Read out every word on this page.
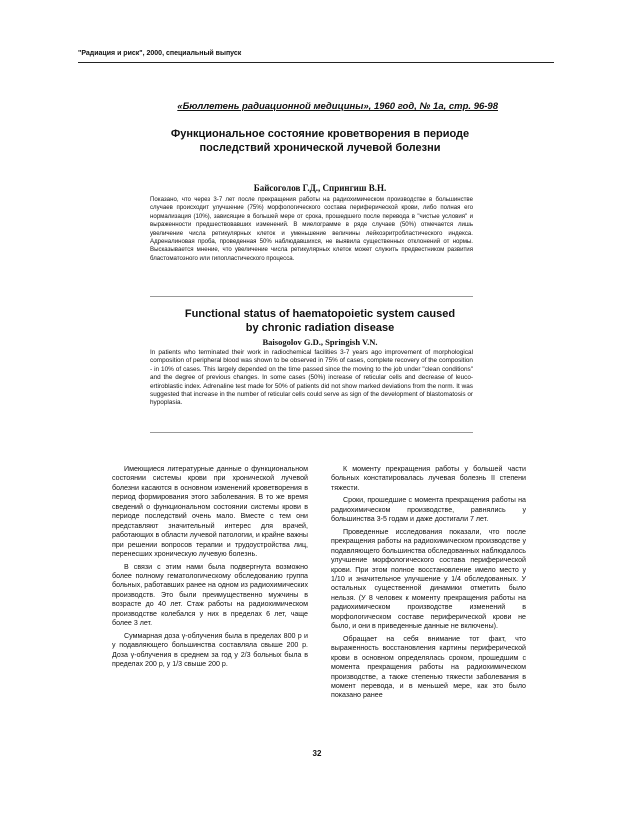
"Радиация и риск", 2000, специальный выпуск
«Бюллетень радиационной медицины», 1960 год, № 1а, стр. 96-98
Функциональное состояние кроветворения в периоде
последствий хронической лучевой болезни
Байсоголов Г.Д., Спрингиш В.Н.
Показано, что через 3-7 лет после прекращения работы на радиохимическом производстве в большинстве случаев происходит улучшение (75%) морфологического состава периферической крови, либо полная его нормализация (10%), зависящие в большей мере от срока, прошедшего после перевода в "чистые условия" и выраженности предшествовавших изменений. В миелограмме в ряде случаев (50%) отмечается лишь увеличение числа ретикулярных клеток и уменьшение величины лейкоэритробластического индекса. Адреналиновая проба, проведенная 50% наблюдавшихся, не выявила существенных отклонений от нормы. Высказывается мнение, что увеличение числа ретикулярных клеток может служить предвестником развития бластоматозного или гипопластического процесса.
Functional status of haematopoietic system caused
by chronic radiation disease
Baisogolov G.D., Springish V.N.
In patients who terminated their work in radiochemical facilities 3-7 years ago improvement of morphological composition of peripheral blood was shown to be observed in 75% of cases, complete recovery of the composition - in 10% of cases. This largely depended on the time passed since the moving to the job under "clean conditions" and the degree of previous changes. In some cases (50%) increase of reticular cells and decrease of leuco-ertiroblastic index. Adrenaline test made for 50% of patients did not show marked deviations from the norm. It was suggested that increase in the number of reticular cells could serve as sign of the development of blastomatosis or hypoplasia.

Имеющиеся литературные данные о функциональном состоянии системы крови при хронической лучевой болезни касаются в основном изменений кроветворения в период формирования этого заболевания. В то же время сведений о функциональном состоянии системы крови в периоде последствий очень мало. Вместе с тем они представляют значительный интерес для врачей, работающих в области лучевой патологии, и крайне важны при решении вопросов терапии и трудоустройства лиц, перенесших хроническую лучевую болезнь.

В связи с этим нами была подвергнута возможно более полному гематологическому обследованию группа больных, работавших ранее на одном из радиохимических производств. Это были преимущественно мужчины в возрасте до 40 лет. Стаж работы на радиохимическом производстве колебался у них в пределах 6 лет, чаще более 3 лет.

Суммарная доза γ-облучения была в пределах 800 р и у подавляющего большинства составляла свыше 200 р. Доза γ-облучения в среднем за год у 2/3 больных была в пределах 200 р, у 1/3 свыше 200 р.

К моменту прекращения работы у большей части больных констатировалась лучевая болезнь II степени тяжести.

Сроки, прошедшие с момента прекращения работы на радиохимическом производстве, равнялись у большинства 3-5 годам и даже достигали 7 лет.

Проведенные исследования показали, что после прекращения работы на радиохимическом производстве у подавляющего большинства обследованных наблюдалось улучшение морфологического состава периферической крови. При этом полное восстановление имело место у 1/10 и значительное улучшение у 1/4 обследованных. У остальных существенной динамики отметить было нельзя. (У 8 человек к моменту прекращения работы на радиохимическом производстве изменений в морфологическом составе периферической крови не было, и они в приведенные данные не включены).

Обращает на себя внимание тот факт, что выраженность восстановления картины периферической крови в основном определялась сроком, прошедшим с момента прекращения работы на радиохимическом производстве, а также степенью тяжести заболевания в момент перевода, и в меньшей мере, как это было показано ранее

32
